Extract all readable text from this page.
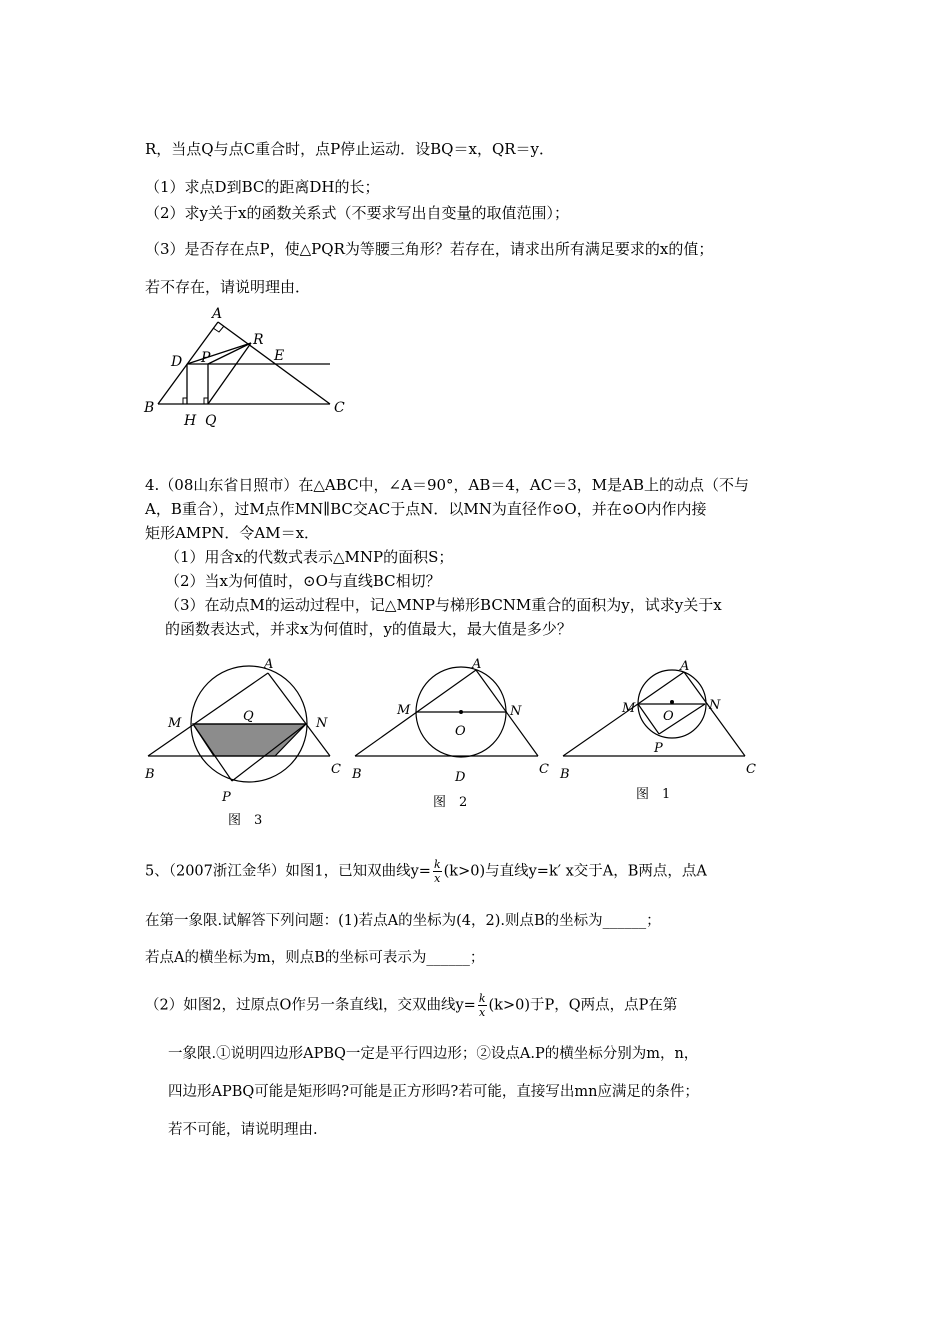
R，当点Q与点C重合时，点P停止运动．设BQ＝x，QR＝y．
（1）求点D到BC的距离DH的长；
（2）求y关于x的函数关系式（不要求写出自变量的取值范围）；
（3）是否存在点P，使△PQR为等腰三角形？若存在，请求出所有满足要求的x的值；
若不存在，请说明理由．
A
D P
R
E
B	C
H Q
4.（08山东省日照市）在△ABC中，∠A＝90°，AB＝4，AC＝3，M是AB上的动点（不与
A，B重合），过M点作MN∥BC交AC于点N．以MN为直径作⊙O，并在⊙O内作内接
矩形AMPN．令AM＝x．
（1）用含x的代数式表示△MNP的面积S；
（2）当x为何值时，⊙O与直线BC相切？
（3）在动点M的运动过程中，记△MNP与梯形BCNM重合的面积为y，试求y关于x
的函数表达式，并求x为何值时，y的值最大，最大值是多少？
A
M	Q	N
B	C
P
A
M	N
O
B	D
C
A
M
O
N
P
B	C
图　3
图　2
图　1
5、（2007浙江金华）如图1，已知双曲线$y= \frac{k}{x} (k>0)$与直线y=k′ x交于A，B两点，点A
在第一象限.试解答下列问题：(1)若点A的坐标为(4，2).则点B的坐标为______；
若点A的横坐标为m，则点B的坐标可表示为______；
（2）如图2，过原点O作另一条直线l，交双曲线$y= \frac{k}{x} (k>0)$于P，Q两点，点P在第
一象限.①说明四边形APBQ一定是平行四边形；②设点A.P的横坐标分别为m，n，
四边形APBQ可能是矩形吗?可能是正方形吗?若可能，直接写出mn应满足的条件；
若不可能，请说明理由.
